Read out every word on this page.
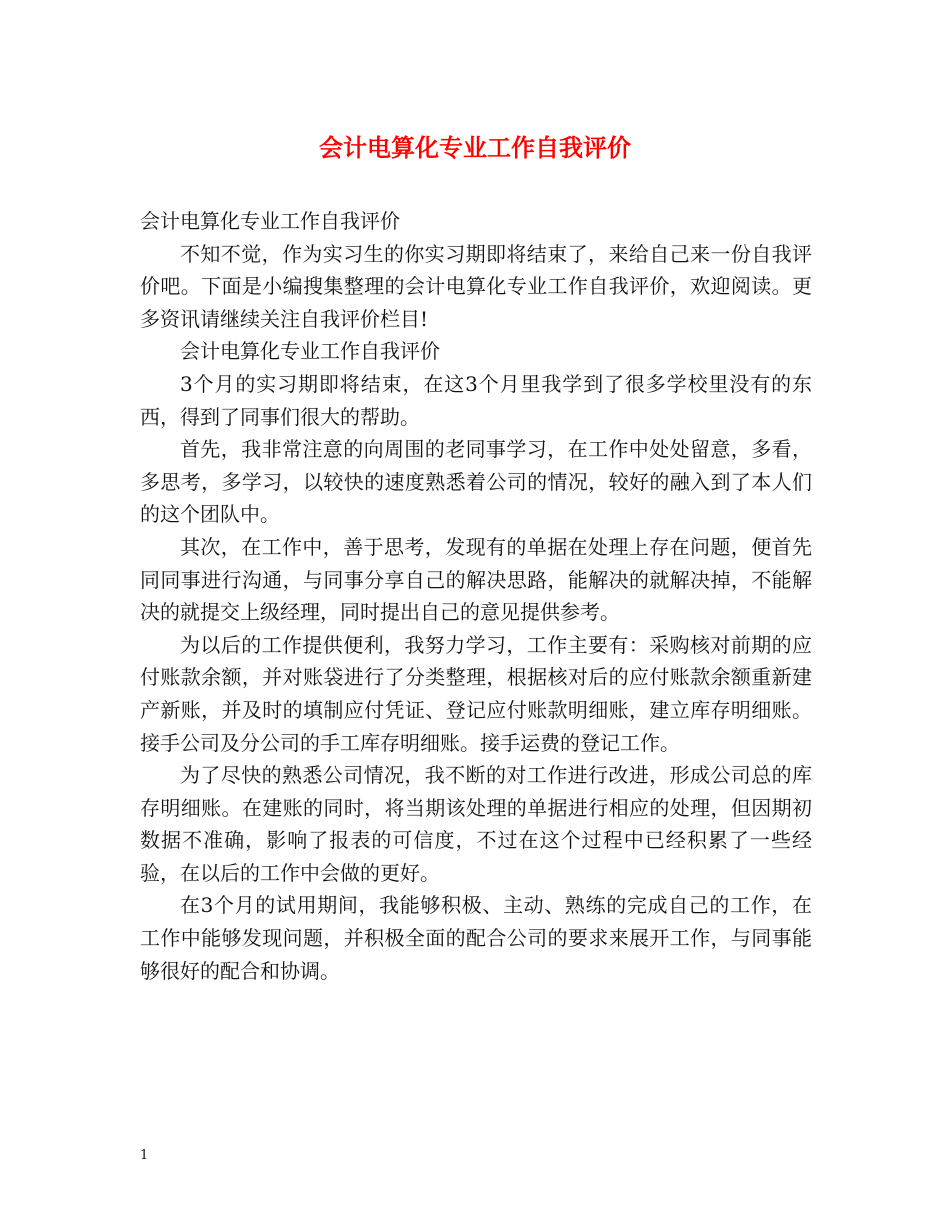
会计电算化专业工作自我评价

会计电算化专业工作自我评价

不知不觉，作为实习生的你实习期即将结束了，来给自己来一份自我评价吧。下面是小编搜集整理的会计电算化专业工作自我评价，欢迎阅读。更多资讯请继续关注自我评价栏目!

会计电算化专业工作自我评价

3个月的实习期即将结束，在这3个月里我学到了很多学校里没有的东西，得到了同事们很大的帮助。

首先，我非常注意的向周围的老同事学习，在工作中处处留意，多看，多思考，多学习，以较快的速度熟悉着公司的情况，较好的融入到了本人们的这个团队中。

其次，在工作中，善于思考，发现有的单据在处理上存在问题，便首先同同事进行沟通，与同事分享自己的解决思路，能解决的就解决掉，不能解决的就提交上级经理，同时提出自己的意见提供参考。

为以后的工作提供便利，我努力学习，工作主要有：采购核对前期的应付账款余额，并对账袋进行了分类整理，根据核对后的应付账款余额重新建产新账，并及时的填制应付凭证、登记应付账款明细账，建立库存明细账。接手公司及分公司的手工库存明细账。接手运费的登记工作。

为了尽快的熟悉公司情况，我不断的对工作进行改进，形成公司总的库存明细账。在建账的同时，将当期该处理的单据进行相应的处理，但因期初数据不准确，影响了报表的可信度，不过在这个过程中已经积累了一些经验，在以后的工作中会做的更好。

在3个月的试用期间，我能够积极、主动、熟练的完成自己的工作，在工作中能够发现问题，并积极全面的配合公司的要求来展开工作，与同事能够很好的配合和协调。

1
